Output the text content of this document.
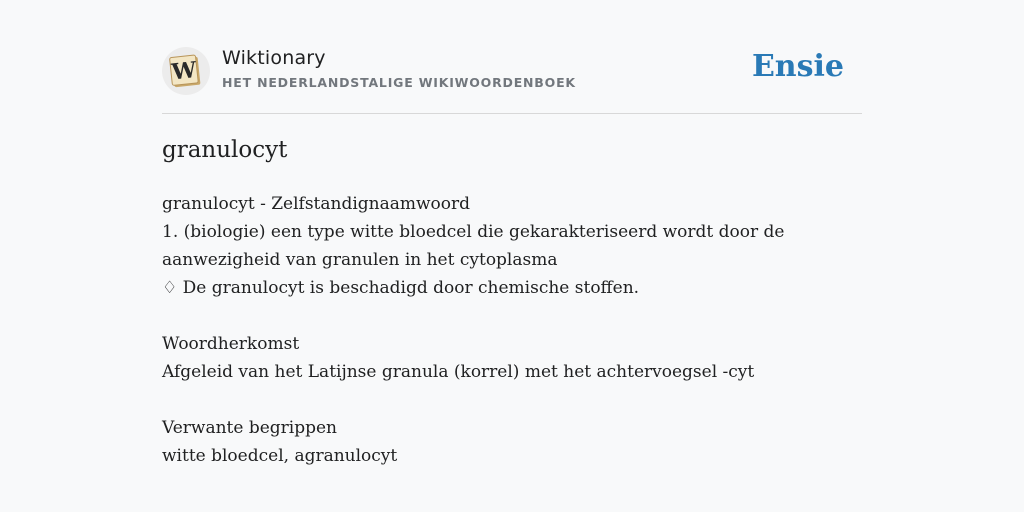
W Wiktionary
HET NEDERLANDSTALIGE WIKIWOORDENBOEK	Ensie
granulocyt

granulocyt - Zelfstandignaamwoord

1. (biologie) een type witte bloedcel die gekarakteriseerd wordt door de aanwezigheid van granulen in het cytoplasma

♢ De granulocyt is beschadigd door chemische stoffen.

Woordherkomst

Afgeleid van het Latijnse granula (korrel) met het achtervoegsel -cyt

Verwante begrippen

witte bloedcel, agranulocyt
